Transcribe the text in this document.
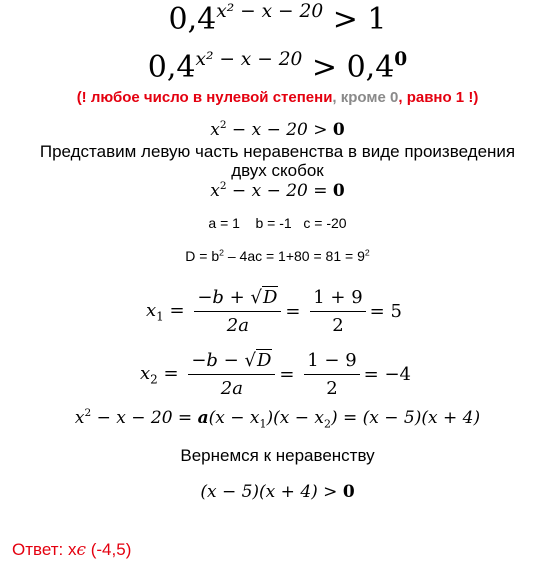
$0,4^{x^2 - x - 20} > 1$
$0,4^{x^2 - x - 20} > 0,4^0$
(! любое число в нулевой степени, кроме 0, равно 1 !)
$x^2 - x - 20 > 0$
Представим левую часть неравенства в виде произведения
двух скобок
$x^2 - x - 20 = 0$
a = 1    b = -1   c = -20
$D = b^2 - 4ac = 1+80 = 81 = 9^2$
$x_1 = \frac{-b + √D}{2a} = \frac{1 + 9}{2} = 5$
$x_2 = \frac{-b - √D}{2a} = \frac{1 - 9}{2} = -4$
$x^2 - x - 20 = a(x - x_1)(x - x_2) = (x - 5)(x + 4)$
Вернемся к неравенству
(x − 5)(x + 4) > 0
Ответ: xϵ (-4,5)
